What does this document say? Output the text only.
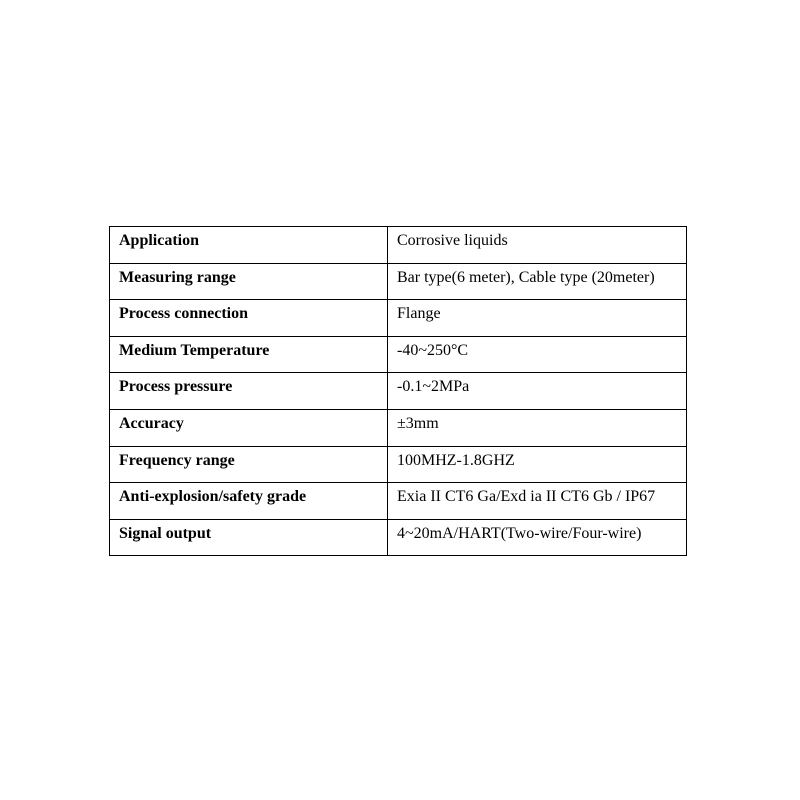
Application	Corrosive liquids
Measuring range	Bar type(6 meter), Cable type (20meter)
Process connection	Flange
Medium Temperature	-40~250°C
Process pressure	-0.1~2MPa
Accuracy	±3mm
Frequency range	100MHZ-1.8GHZ
Anti-explosion/safety grade	Exia II CT6 Ga/Exd ia II CT6 Gb / IP67
Signal output	4~20mA/HART(Two-wire/Four-wire)
